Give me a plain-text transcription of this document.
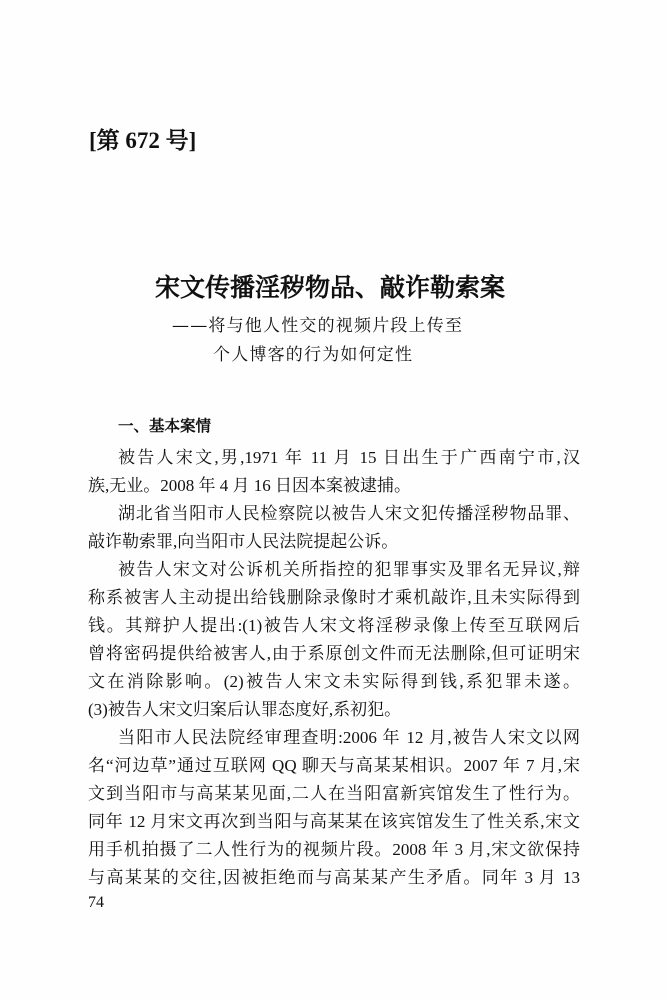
[第 672 号]
宋文传播淫秽物品、敲诈勒索案
——将与他人性交的视频片段上传至
个人博客的行为如何定性
一、基本案情
被告人宋文,男,1971 年 11 月 15 日出生于广西南宁市,汉
族,无业。2008 年 4 月 16 日因本案被逮捕。
湖北省当阳市人民检察院以被告人宋文犯传播淫秽物品罪、
敲诈勒索罪,向当阳市人民法院提起公诉。
被告人宋文对公诉机关所指控的犯罪事实及罪名无异议,辩
称系被害人主动提出给钱删除录像时才乘机敲诈,且未实际得到
钱。其辩护人提出:(1)被告人宋文将淫秽录像上传至互联网后
曾将密码提供给被害人,由于系原创文件而无法删除,但可证明宋
文在消除影响。(2)被告人宋文未实际得到钱,系犯罪未遂。
(3)被告人宋文归案后认罪态度好,系初犯。
当阳市人民法院经审理查明:2006 年 12 月,被告人宋文以网
名“河边草”通过互联网 QQ 聊天与高某某相识。2007 年 7 月,宋
文到当阳市与高某某见面,二人在当阳富新宾馆发生了性行为。
同年 12 月宋文再次到当阳与高某某在该宾馆发生了性关系,宋文
用手机拍摄了二人性行为的视频片段。2008 年 3 月,宋文欲保持
与高某某的交往,因被拒绝而与高某某产生矛盾。同年 3 月 13
74
